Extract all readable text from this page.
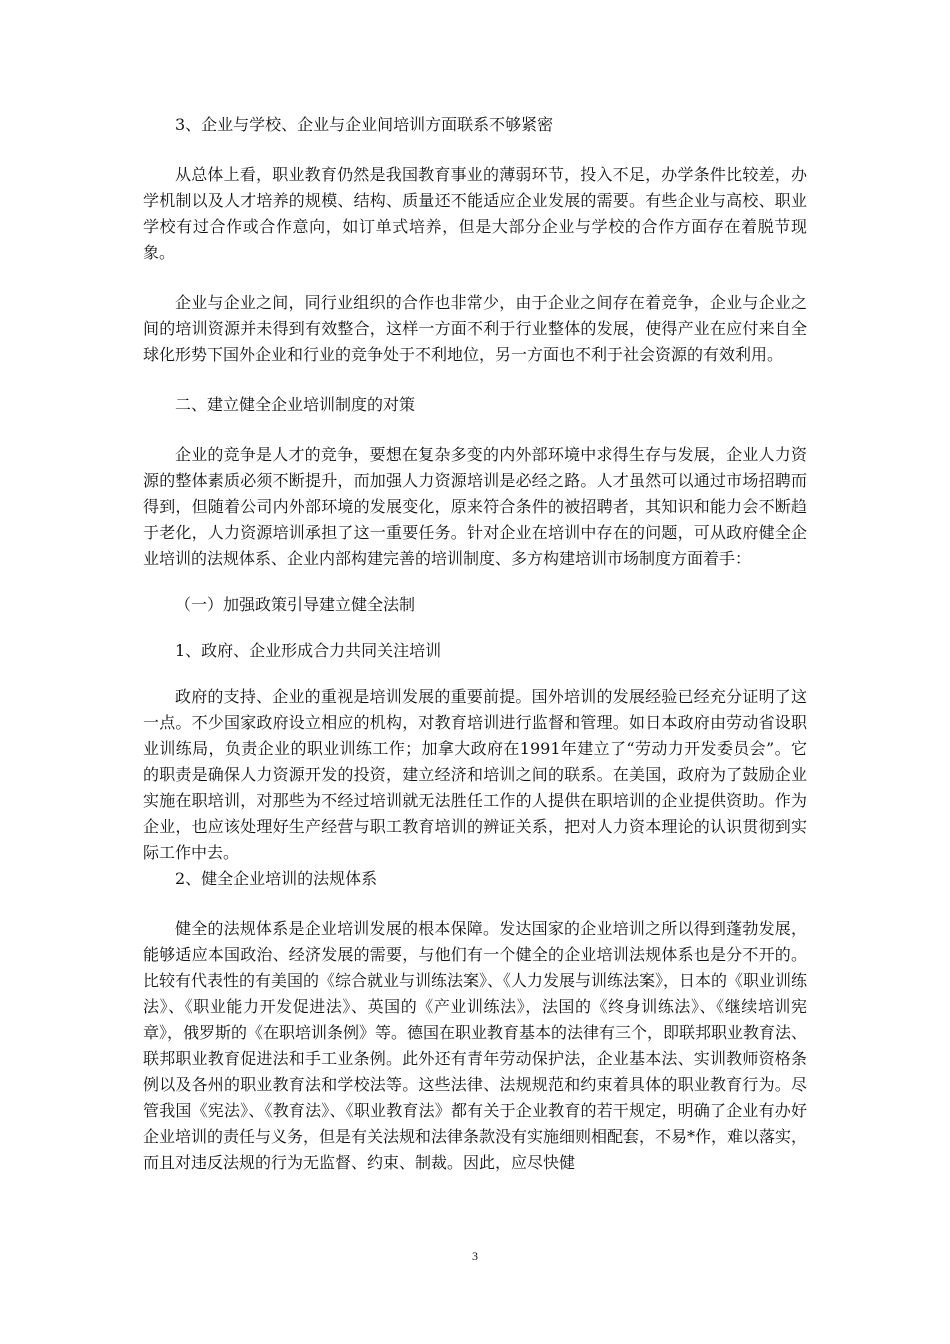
3、企业与学校、企业与企业间培训方面联系不够紧密

从总体上看，职业教育仍然是我国教育事业的薄弱环节，投入不足，办学条件比较差，办学机制以及人才培养的规模、结构、质量还不能适应企业发展的需要。有些企业与高校、职业学校有过合作或合作意向，如订单式培养，但是大部分企业与学校的合作方面存在着脱节现象。

企业与企业之间，同行业组织的合作也非常少，由于企业之间存在着竞争，企业与企业之间的培训资源并未得到有效整合，这样一方面不利于行业整体的发展，使得产业在应付来自全球化形势下国外企业和行业的竞争处于不利地位，另一方面也不利于社会资源的有效利用。

二、建立健全企业培训制度的对策

企业的竞争是人才的竞争，要想在复杂多变的内外部环境中求得生存与发展，企业人力资源的整体素质必须不断提升，而加强人力资源培训是必经之路。人才虽然可以通过市场招聘而得到，但随着公司内外部环境的发展变化，原来符合条件的被招聘者，其知识和能力会不断趋于老化，人力资源培训承担了这一重要任务。针对企业在培训中存在的问题，可从政府健全企业培训的法规体系、企业内部构建完善的培训制度、多方构建培训市场制度方面着手：

（一）加强政策引导建立健全法制

1、政府、企业形成合力共同关注培训

政府的支持、企业的重视是培训发展的重要前提。国外培训的发展经验已经充分证明了这一点。不少国家政府设立相应的机构，对教育培训进行监督和管理。如日本政府由劳动省设职业训练局，负责企业的职业训练工作；加拿大政府在1991年建立了“劳动力开发委员会”。它的职责是确保人力资源开发的投资，建立经济和培训之间的联系。在美国，政府为了鼓励企业实施在职培训，对那些为不经过培训就无法胜任工作的人提供在职培训的企业提供资助。作为企业，也应该处理好生产经营与职工教育培训的辨证关系，把对人力资本理论的认识贯彻到实际工作中去。

2、健全企业培训的法规体系

健全的法规体系是企业培训发展的根本保障。发达国家的企业培训之所以得到蓬勃发展，能够适应本国政治、经济发展的需要，与他们有一个健全的企业培训法规体系也是分不开的。比较有代表性的有美国的《综合就业与训练法案》、《人力发展与训练法案》，日本的《职业训练法》、《职业能力开发促进法》、英国的《产业训练法》，法国的《终身训练法》、《继续培训宪章》，俄罗斯的《在职培训条例》等。德国在职业教育基本的法律有三个，即联邦职业教育法、联邦职业教育促进法和手工业条例。此外还有青年劳动保护法，企业基本法、实训教师资格条例以及各州的职业教育法和学校法等。这些法律、法规规范和约束着具体的职业教育行为。尽管我国《宪法》、《教育法》、《职业教育法》都有关于企业教育的若干规定，明确了企业有办好企业培训的责任与义务，但是有关法规和法律条款没有实施细则相配套，不易*作，难以落实，而且对违反法规的行为无监督、约束、制裁。因此，应尽快健

3
